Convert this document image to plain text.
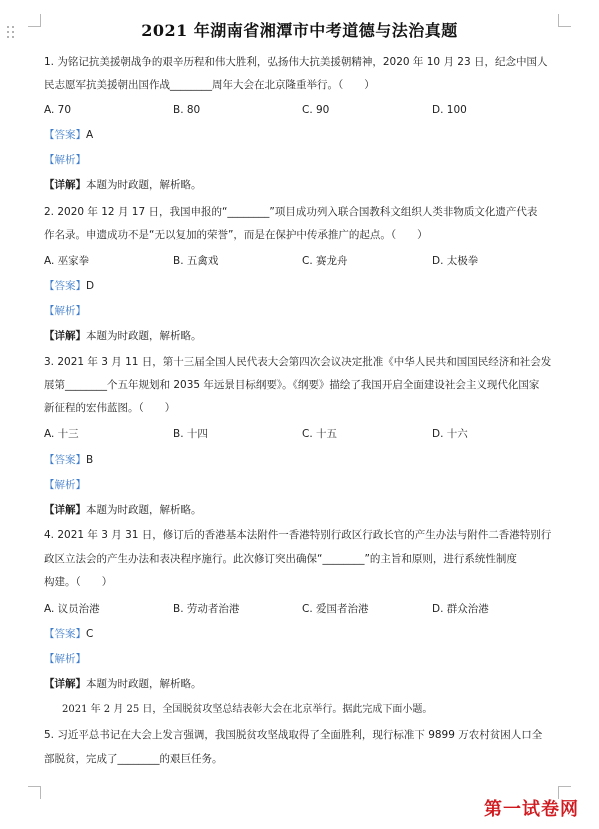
2021 年湖南省湘潭市中考道德与法治真题
1. 为铭记抗美援朝战争的艰辛历程和伟大胜利，弘扬伟大抗美援朝精神，2020 年 10 月 23 日，纪念中国人
民志愿军抗美援朝出国作战________周年大会在北京隆重举行。（　　）
A. 70	B. 80	C. 90	D. 100
【答案】A
【解析】
【详解】本题为时政题，解析略。
2. 2020 年 12 月 17 日，我国申报的“________”项目成功列入联合国教科文组织人类非物质文化遗产代表
作名录。申遗成功不是“无以复加的荣誉”，而是在保护中传承推广的起点。（　　）
A. 巫家拳	B. 五禽戏	C. 赛龙舟	D. 太极拳
【答案】D
【解析】
【详解】本题为时政题，解析略。
3. 2021 年 3 月 11 日，第十三届全国人民代表大会第四次会议决定批准《中华人民共和国国民经济和社会发
展第________个五年规划和 2035 年远景目标纲要》。《纲要》描绘了我国开启全面建设社会主义现代化国家
新征程的宏伟蓝图。（　　）
A. 十三	B. 十四	C. 十五	D. 十六
【答案】B
【解析】
【详解】本题为时政题，解析略。
4. 2021 年 3 月 31 日，修订后的香港基本法附件一香港特别行政区行政长官的产生办法与附件二香港特别行
政区立法会的产生办法和表决程序施行。此次修订突出确保“________”的主旨和原则，进行系统性制度
构建。（　　）
A. 议员治港	B. 劳动者治港	C. 爱国者治港	D. 群众治港
【答案】C
【解析】
【详解】本题为时政题，解析略。
2021 年 2 月 25 日，全国脱贫攻坚总结表彰大会在北京举行。据此完成下面小题。
5. 习近平总书记在大会上发言强调，我国脱贫攻坚战取得了全面胜利，现行标准下 9899 万农村贫困人口全
部脱贫，完成了________的艰巨任务。
第一试卷网
